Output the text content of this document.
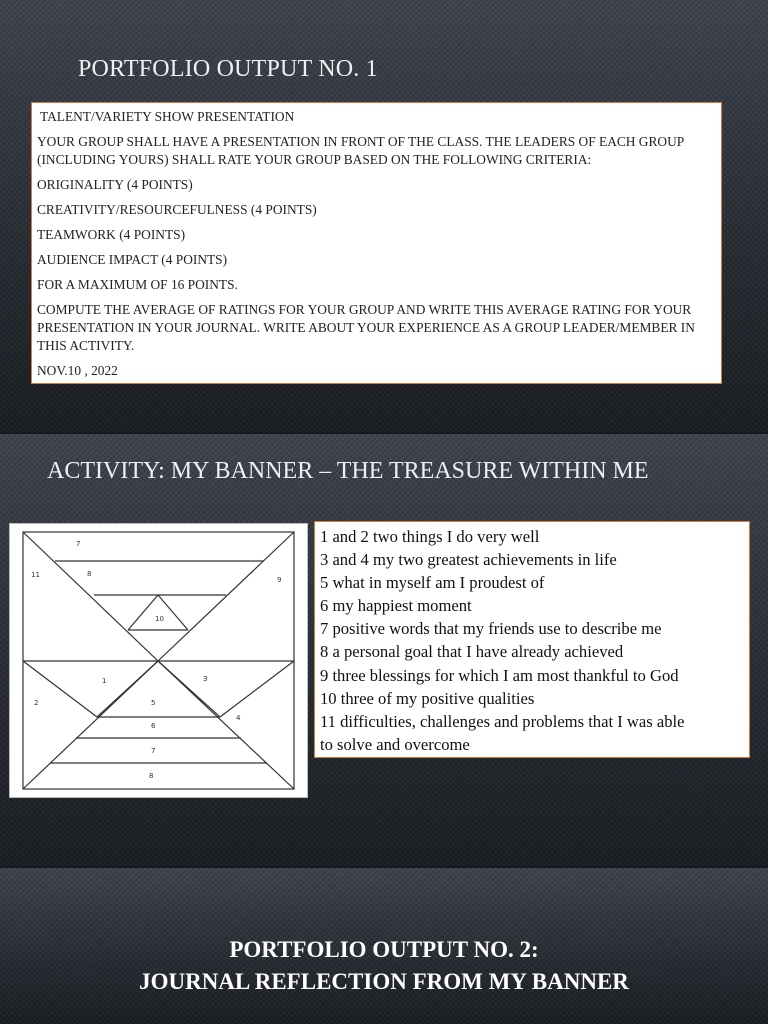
PORTFOLIO OUTPUT NO. 1

TALENT/VARIETY SHOW PRESENTATION

YOUR GROUP SHALL HAVE A PRESENTATION IN FRONT OF THE CLASS. THE LEADERS OF EACH GROUP (INCLUDING YOURS) SHALL RATE YOUR GROUP BASED ON THE FOLLOWING CRITERIA:

ORIGINALITY (4 POINTS)

CREATIVITY/RESOURCEFULNESS (4 POINTS)

TEAMWORK (4 POINTS)

AUDIENCE IMPACT (4 POINTS)

FOR A MAXIMUM OF 16 POINTS.

COMPUTE THE AVERAGE OF RATINGS FOR YOUR GROUP AND WRITE THIS AVERAGE RATING FOR YOUR PRESENTATION IN YOUR JOURNAL. WRITE ABOUT YOUR EXPERIENCE AS A GROUP LEADER/MEMBER IN THIS ACTIVITY.

NOV.10 , 2022

ACTIVITY: MY BANNER – THE TREASURE WITHIN ME
7
11	8
9
10
1	3
2	5
4
6
7
8
1 and 2 two things I do very well
3 and 4 my two greatest achievements in life
5 what in myself am I proudest of
6 my happiest moment
7 positive words that my friends use to describe me
8 a personal goal that I have already achieved
9 three blessings for which I am most thankful to God
10 three of my positive qualities
11 difficulties, challenges and problems that I was able
to solve and overcome
PORTFOLIO OUTPUT NO. 2:
JOURNAL REFLECTION FROM MY BANNER
